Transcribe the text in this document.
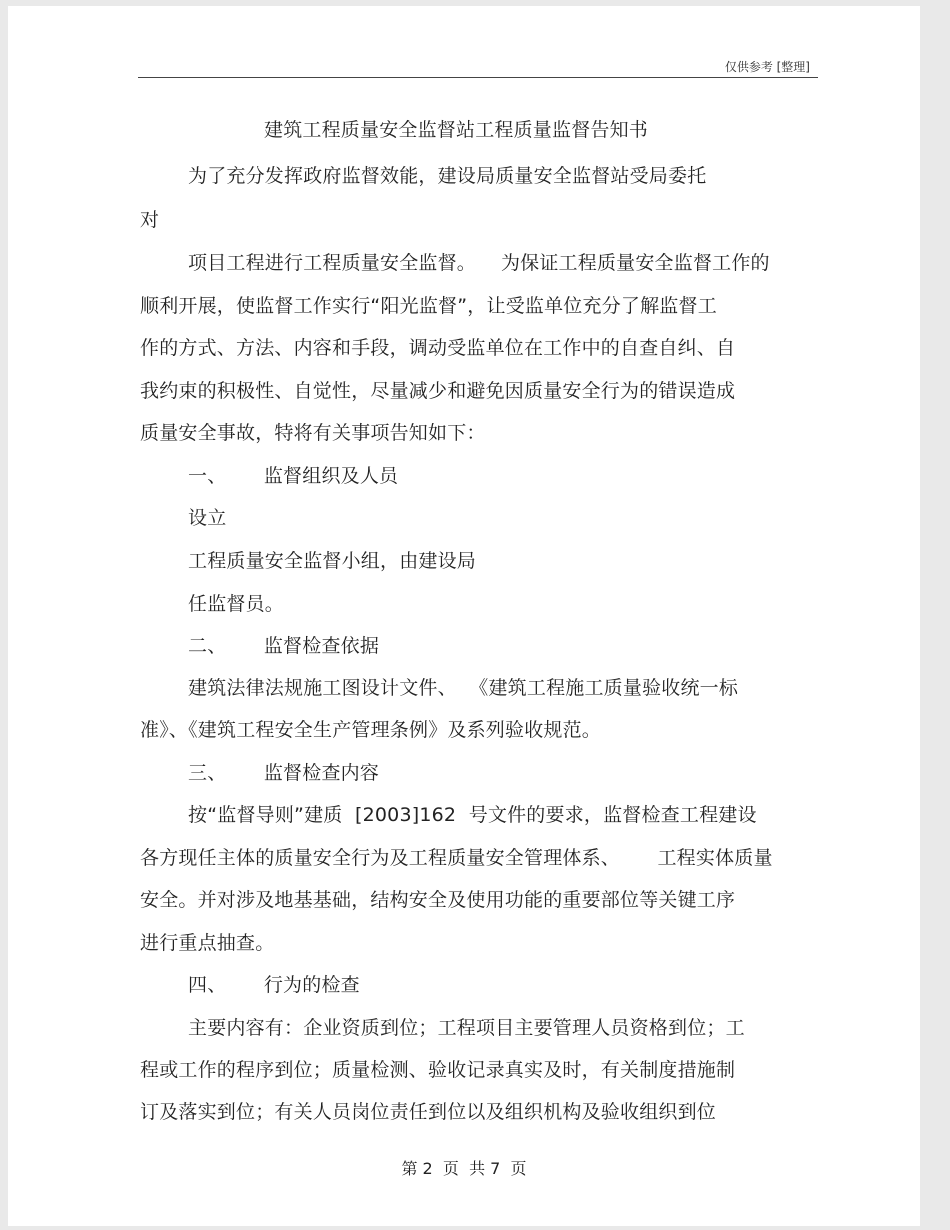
仅供参考 [整理]
建筑工程质量安全监督站工程质量监督告知书
为了充分发挥政府监督效能，建设局质量安全监督站受局委托
对
项目工程进行工程质量安全监督。    为保证工程质量安全监督工作的
顺利开展，使监督工作实行“阳光监督”，让受监单位充分了解监督工
作的方式、方法、内容和手段，调动受监单位在工作中的自查自纠、自
我约束的积极性、自觉性，尽量减少和避免因质量安全行为的错误造成
质量安全事故，特将有关事项告知如下：
一、      监督组织及人员
设立
工程质量安全监督小组，由建设局
任监督员。
二、      监督检查依据
建筑法律法规施工图设计文件、  《建筑工程施工质量验收统一标
准》、《建筑工程安全生产管理条例》及系列验收规范。
三、      监督检查内容
按“监督导则”建质  [2003]162  号文件的要求，监督检查工程建设
各方现任主体的质量安全行为及工程质量安全管理体系、      工程实体质量
安全。并对涉及地基基础，结构安全及使用功能的重要部位等关键工序
进行重点抽查。
四、      行为的检查
主要内容有：企业资质到位；工程项目主要管理人员资格到位；工
程或工作的程序到位；质量检测、验收记录真实及时，有关制度措施制
订及落实到位；有关人员岗位责任到位以及组织机构及验收组织到位
第 2  页  共 7  页
